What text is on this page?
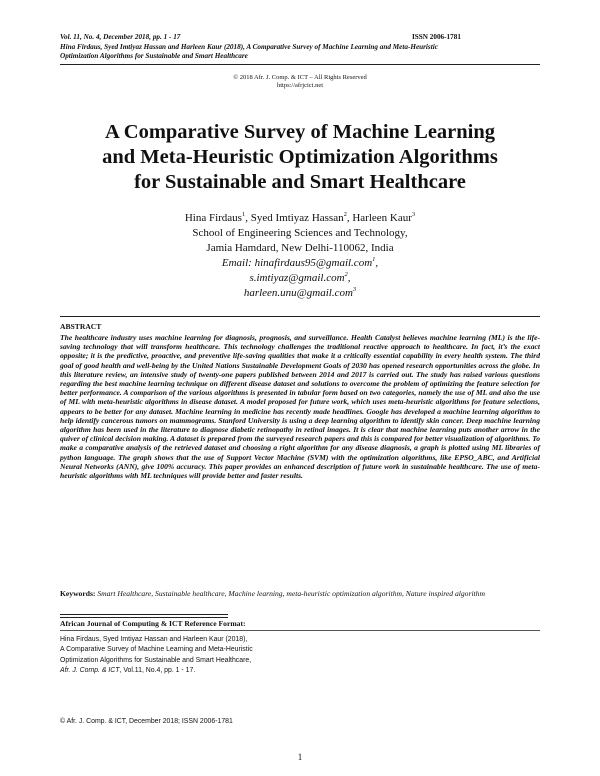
Vol. 11, No. 4, December 2018, pp. 1 - 17	ISSN 2006-1781
Hina Firdaus, Syed Imtiyaz Hassan and Harleen Kaur (2018), A Comparative Survey of Machine Learning and Meta-Heuristic
Optimization Algorithms for Sustainable and Smart Healthcare
© 2018 Afr. J. Comp. & ICT – All Rights Reserved
https://afrjcict.net
A Comparative Survey of Machine Learning
and Meta-Heuristic Optimization Algorithms
for Sustainable and Smart Healthcare
Hina Firdaus$^1$, Syed Imtiyaz Hassan$^2$, Harleen Kaur$^3$
School of Engineering Sciences and Technology,
Jamia Hamdard, New Delhi-110062, India
Email: hinafirdaus95@gmail.com$^1$,
s.imtiyaz@gmail.com$^2$,
harleen.unu@gmail.com$^3$
ABSTRACT
The healthcare industry uses machine learning for diagnosis, prognosis, and surveillance. Health Catalyst believes machine learning (ML) is the life-saving technology that will transform healthcare. This technology challenges the traditional reactive approach to healthcare. In fact, it’s the exact opposite; it is the predictive, proactive, and preventive life-saving qualities that make it a critically essential capability in every health system. The third goal of good health and well-being by the United Nations Sustainable Development Goals of 2030 has opened research opportunities across the globe. In this literature review, an intensive study of twenty-one papers published between 2014 and 2017 is carried out. The study has raised various questions regarding the best machine learning technique on different disease dataset and solutions to overcome the problem of optimizing the feature selection for better performance. A comparison of the various algorithms is presented in tabular form based on two categories, namely the use of ML and also the use of ML with meta-heuristic algorithms in disease dataset. A model proposed for future work, which uses meta-heuristic algorithms for feature selections, appears to be better for any dataset. Machine learning in medicine has recently made headlines. Google has developed a machine learning algorithm to help identify cancerous tumors on mammograms. Stanford University is using a deep learning algorithm to identify skin cancer. Deep machine learning algorithm has been used in the literature to diagnose diabetic retinopathy in retinal images. It is clear that machine learning puts another arrow in the quiver of clinical decision making. A dataset is prepared from the surveyed research papers and this is compared for better visualization of algorithms. To make a comparative analysis of the retrieved dataset and choosing a right algorithm for any disease diagnosis, a graph is plotted using ML libraries of python language. The graph shows that the use of Support Vector Machine (SVM) with the optimization algorithms, like EPSO_ABC, and Artificial Neural Networks (ANN), give 100% accuracy. This paper provides an enhanced description of future work in sustainable healthcare. The use of meta-heuristic algorithms with ML techniques will provide better and faster results.
Keywords: Smart Healthcare, Sustainable healthcare, Machine learning, meta-heuristic optimization algorithm, Nature inspired algorithm
African Journal of Computing & ICT Reference Format:
Hina Firdaus, Syed Imtiyaz Hassan and Harleen Kaur (2018),
A Comparative Survey of Machine Learning and Meta-Heuristic
Optimization Algorithms for Sustainable and Smart Healthcare,
Afr. J. Comp. & ICT, Vol.11, No.4, pp. 1 - 17.
© Afr. J. Comp. & ICT, December 2018; ISSN 2006-1781
1
